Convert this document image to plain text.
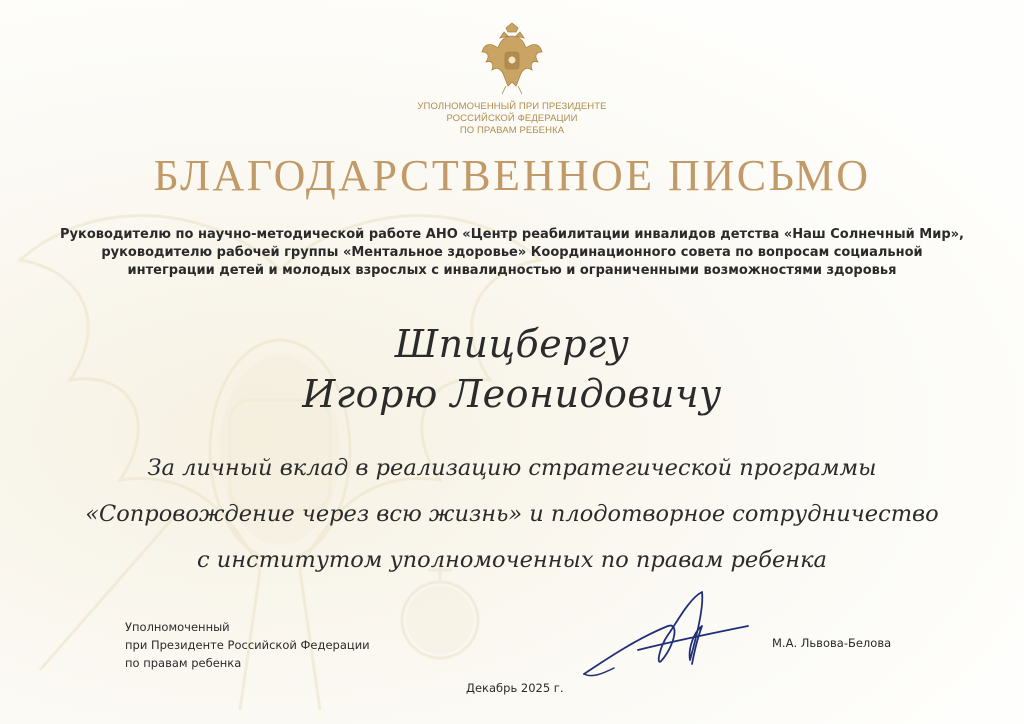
УПОЛНОМОЧЕННЫЙ ПРИ ПРЕЗИДЕНТЕ
РОССИЙСКОЙ ФЕДЕРАЦИИ
ПО ПРАВАМ РЕБЕНКА
БЛАГОДАРСТВЕННОЕ ПИСЬМО
Руководителю по научно-методической работе АНО «Центр реабилитации инвалидов детства «Наш Солнечный Мир»,
руководителю рабочей группы «Ментальное здоровье» Координационного совета по вопросам социальной
интеграции детей и молодых взрослых с инвалидностью и ограниченными возможностями здоровья
Шпицбергу
Игорю Леонидовичу
За личный вклад в реализацию стратегической программы
«Сопровождение через всю жизнь» и плодотворное сотрудничество
с институтом уполномоченных по правам ребенка
Уполномоченный
при Президенте Российской Федерации
по правам ребенка
М.А. Львова-Белова
Декабрь 2025 г.
